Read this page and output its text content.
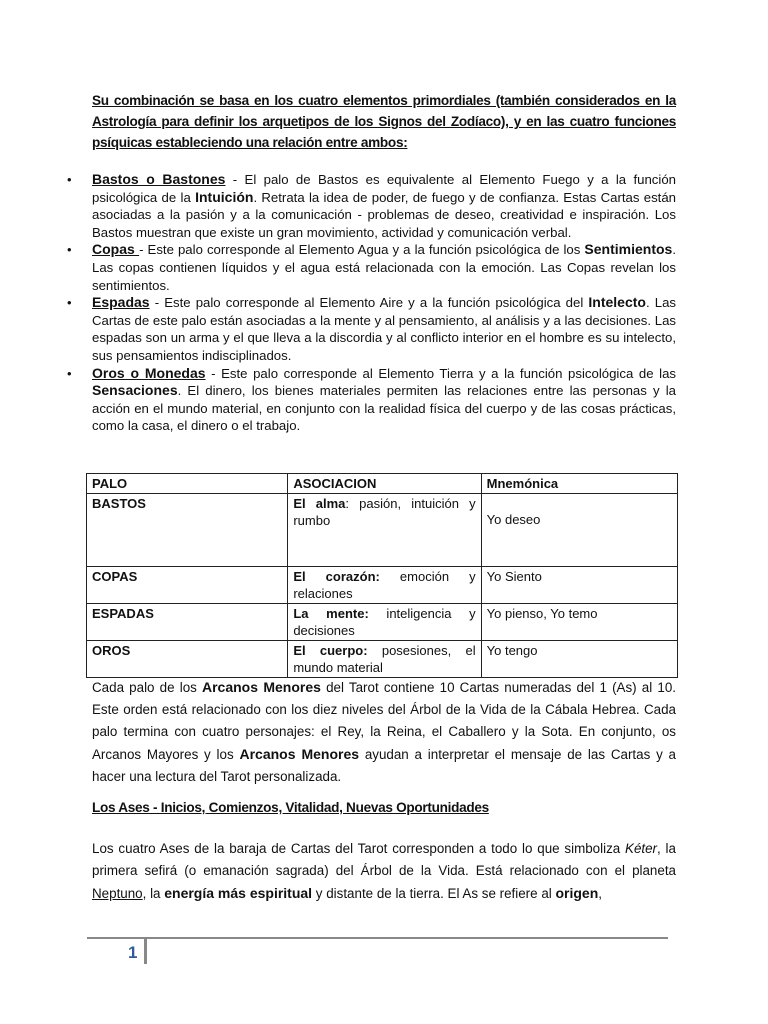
Su combinación se basa en los cuatro elementos primordiales (también considerados en la Astrología para definir los arquetipos de los Signos del Zodíaco), y en las cuatro funciones psíquicas estableciendo una relación entre ambos:
• Bastos o Bastones - El palo de Bastos es equivalente al Elemento Fuego y a la función psicológica de la Intuición. Retrata la idea de poder, de fuego y de confianza. Estas Cartas están asociadas a la pasión y a la comunicación - problemas de deseo, creatividad e inspiración. Los Bastos muestran que existe un gran movimiento, actividad y comunicación verbal.
• Copas - Este palo corresponde al Elemento Agua y a la función psicológica de los Sentimientos. Las copas contienen líquidos y el agua está relacionada con la emoción. Las Copas revelan los sentimientos.
• Espadas - Este palo corresponde al Elemento Aire y a la función psicológica del Intelecto. Las Cartas de este palo están asociadas a la mente y al pensamiento, al análisis y a las decisiones. Las espadas son un arma y el que lleva a la discordia y al conflicto interior en el hombre es su intelecto, sus pensamientos indisciplinados.
• Oros o Monedas - Este palo corresponde al Elemento Tierra y a la función psicológica de las Sensaciones. El dinero, los bienes materiales permiten las relaciones entre las personas y la acción en el mundo material, en conjunto con la realidad física del cuerpo y de las cosas prácticas, como la casa, el dinero o el trabajo.
PALO	ASOCIACION	Mnemónica
BASTOS	El alma: pasión, intuición y rumbo	Yo deseo
COPAS	El corazón: emoción y relaciones	Yo Siento
ESPADAS	La mente: inteligencia y decisiones	Yo pienso, Yo temo
OROS	El cuerpo: posesiones, el mundo material	Yo tengo
Cada palo de los Arcanos Menores del Tarot contiene 10 Cartas numeradas del 1 (As) al 10. Este orden está relacionado con los diez niveles del Árbol de la Vida de la Cábala Hebrea. Cada palo termina con cuatro personajes: el Rey, la Reina, el Caballero y la Sota. En conjunto, os Arcanos Mayores y los Arcanos Menores ayudan a interpretar el mensaje de las Cartas y a hacer una lectura del Tarot personalizada.
Los Ases - Inicios, Comienzos, Vitalidad, Nuevas Oportunidades
Los cuatro Ases de la baraja de Cartas del Tarot corresponden a todo lo que simboliza Kéter, la primera sefirá (o emanación sagrada) del Árbol de la Vida. Está relacionado con el planeta Neptuno, la energía más espiritual y distante de la tierra. El As se refiere al origen,
1
